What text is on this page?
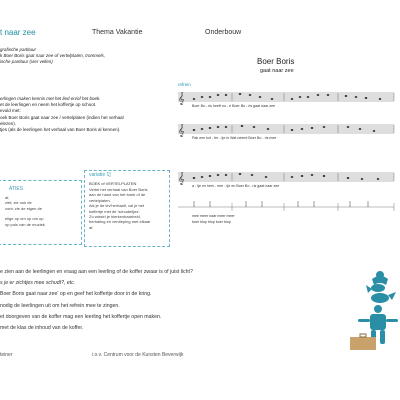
t naar zee	Thema Vakantie	Onderbouw
grafische partituur
k Boer Boris gaat naar zee of vertelplaten, trommels,
ische partituur (vier vellen)
erlingen maken kennis met het lied en/of het boek.
et de leerlingen en neem het koffertje op schoot.
evuld met:
oek Boer Boris gaat naar zee / vertelplaten (indien het verhaal
elezen).
tjes (als de leerlingen het verhaal van Boer Boris al kennen).
ATIES
af,
ziet; zie ook de
vont; zie de eigen de
elige op om op om op
op puls van de muziek.
variatie 1]
BOEK of VERTELPLATEN
Vertel het verhaal van Boer Boris
aan de hand van het boek of de
vertelplaten.
Als je de lev'herhaalt, val je het
koffertje met de 'schudeitjes'.
Zo wissel je hierkenbaarheid,
herhaling en verdieping met elkaar
af.
Boer Boris
gaat naar zee
refrein
𝄞
𝄞
𝄞
Boer Bo - ris heeft nu - e Boer Bo - ris gaat naar zee
Pak een kof - fer - tje in Wat neemt Boer Bo - ris mee
a - tje en hem - mer - tje en Boer Bo - ris gaat naar zee
mee meer naar meer meer
boer blop blop boer blop
e zien aan de leerlingen en vraag aan een leerling of de koffer zwaar is of juist licht?
s je er zichtjes mee schudt?, etc.
Boer Boris gaat naar zee' op en geef het koffertje door in de kring.
nodig de leerlingen uit om het refrein mee te zingen.
et doorgeven van de koffer mag een leerling het koffertje open maken.
met de klas de inhoud van de koffer.
teiner	i.o.v. Centrum voor de Kunsten Beverwijk
